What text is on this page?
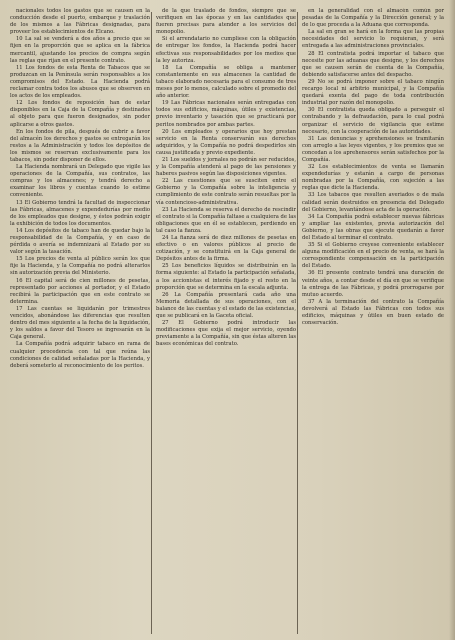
nacionales todos los gastos que se causen en la conducción desde el puerto, embarque y traslación de los mismos a las Fábricas designadas, para proveer los establecimientos de Elcano.

10 La sal se venderá a dos años a precio que se fijen en la proporción que se aplica en la fábrica mercantil, ajustando los precios de compra según las reglas que rijan en el presente contrato.

11 Los fondos de esta Renta de Tabacos que se produzcan en la Península serán responsables a los compromisos del Estado. La Hacienda podrá reclamar contra todos los abusos que se observen en los actos de los empleados.

12 Los fondos de reposición han de estar disponibles en la Caja de la Compañía y destinados al objeto para que fueron designados, sin poder aplicarse a otros gastos.

En los fondos de pila, después de cubrir a favor del almacén los derechos y gastos se entregarán los restos a la Administración y todos los depósitos de los mismos se reservan exclusivamente para los tabacos, sin poder disponer de ellos.

La Hacienda nombrará un Delegado que vigile las operaciones de la Compañía, sus contratos, las compras y los almacenes; y tendrá derecho a examinar los libros y cuentas cuando lo estime conveniente.

13 El Gobierno tendrá la facultad de inspeccionar las Fábricas, almacenes y expendedurías por medio de los empleados que designe, y éstos podrán exigir la exhibición de todos los documentos.

14 Los depósitos de tabaco han de quedar bajo la responsabilidad de la Compañía, y en caso de pérdida o avería se indemnizará al Estado por su valor según la tasación.

15 Los precios de venta al público serán los que fije la Hacienda, y la Compañía no podrá alterarlos sin autorización previa del Ministerio.

16 El capital será de cien millones de pesetas, representado por acciones al portador, y el Estado recibirá la participación que en este contrato se determina.

17 Las cuentas se liquidarán por trimestres vencidos, abonándose las diferencias que resulten dentro del mes siguiente a la fecha de la liquidación, y los saldos a favor del Tesoro se ingresarán en la Caja general.

La Compañía podrá adquirir tabaco en rama de cualquier procedencia con tal que reúna las condiciones de calidad señaladas por la Hacienda, y deberá someterlo al reconocimiento de los peritos.

de la que traslado de fondos, siempre que se verifiquen en las épocas y en las cantidades que fueren precisas para atender a los servicios del monopolio.

Si el arrendatario no cumpliese con la obligación de entregar los fondos, la Hacienda podrá hacer efectivas sus responsabilidades por los medios que la ley autoriza.

18 La Compañía se obliga a mantener constantemente en sus almacenes la cantidad de tabaco elaborado necesaria para el consumo de tres meses por lo menos, calculado sobre el promedio del año anterior.

19 Las Fábricas nacionales serán entregadas con todos sus edificios, máquinas, útiles y existencias, previo inventario y tasación que se practicará por peritos nombrados por ambas partes.

20 Los empleados y operarios que hoy prestan servicio en la Renta conservarán sus derechos adquiridos, y la Compañía no podrá despedirlos sin causa justificada y previo expediente.

21 Los sueldos y jornales no podrán ser reducidos, y la Compañía atenderá al pago de las pensiones y haberes pasivos según las disposiciones vigentes.

22 Las cuestiones que se susciten entre el Gobierno y la Compañía sobre la inteligencia y cumplimiento de este contrato serán resueltas por la vía contencioso-administrativa.

23 La Hacienda se reserva el derecho de rescindir el contrato si la Compañía faltase a cualquiera de las obligaciones que en él se establecen, perdiendo en tal caso la fianza.

24 La fianza será de diez millones de pesetas en efectivo o en valores públicos al precio de cotización, y se constituirá en la Caja general de Depósitos antes de la firma.

25 Los beneficios líquidos se distribuirán en la forma siguiente: al Estado la participación señalada, a los accionistas el interés fijado y el resto en la proporción que se determina en la escala adjunta.

26 La Compañía presentará cada año una Memoria detallada de sus operaciones, con el balance de las cuentas y el estado de las existencias, que se publicará en la Gaceta oficial.

27 El Gobierno podrá introducir las modificaciones que exija el mejor servicio, oyendo previamente a la Compañía, sin que éstas alteren las bases económicas del contrato.

en la generalidad con el almacén común por pesadas de la Compañía y la Dirección general; y la de lo que proceda a la Aduana que corresponda.

La sal en gran se hará en la forma que las propias necesidades del servicio lo requieran, y será entregada a las administraciones provinciales.

28 El contratista podrá importar el tabaco que necesite por las aduanas que designe, y los derechos que se causen serán de cuenta de la Compañía, debiendo satisfacerse antes del despacho.

29 No se podrá imponer sobre el tabaco ningún recargo local ni arbitrio municipal, y la Compañía quedará exenta del pago de toda contribución industrial por razón del monopolio.

30 El contratista queda obligado a perseguir el contrabando y la defraudación, para lo cual podrá organizar el servicio de vigilancia que estime necesario, con la cooperación de las autoridades.

31 Las denuncias y aprehensiones se tramitarán con arreglo a las leyes vigentes, y los premios que se concedan a los aprehensores serán satisfechos por la Compañía.

32 Los establecimientos de venta se llamarán expendedurías y estarán a cargo de personas nombradas por la Compañía, con sujeción a las reglas que dicte la Hacienda.

33 Los tabacos que resulten averiados o de mala calidad serán destruidos en presencia del Delegado del Gobierno, levantándose acta de la operación.

34 La Compañía podrá establecer nuevas fábricas y ampliar las existentes, previa autorización del Gobierno, y las obras que ejecute quedarán a favor del Estado al terminar el contrato.

35 Si el Gobierno creyese conveniente establecer alguna modificación en el precio de venta, se hará la correspondiente compensación en la participación del Estado.

36 El presente contrato tendrá una duración de veinte años, a contar desde el día en que se verifique la entrega de las Fábricas, y podrá prorrogarse por mutuo acuerdo.

37 A la terminación del contrato la Compañía devolverá al Estado las Fábricas con todos sus edificios, máquinas y útiles en buen estado de conservación.
